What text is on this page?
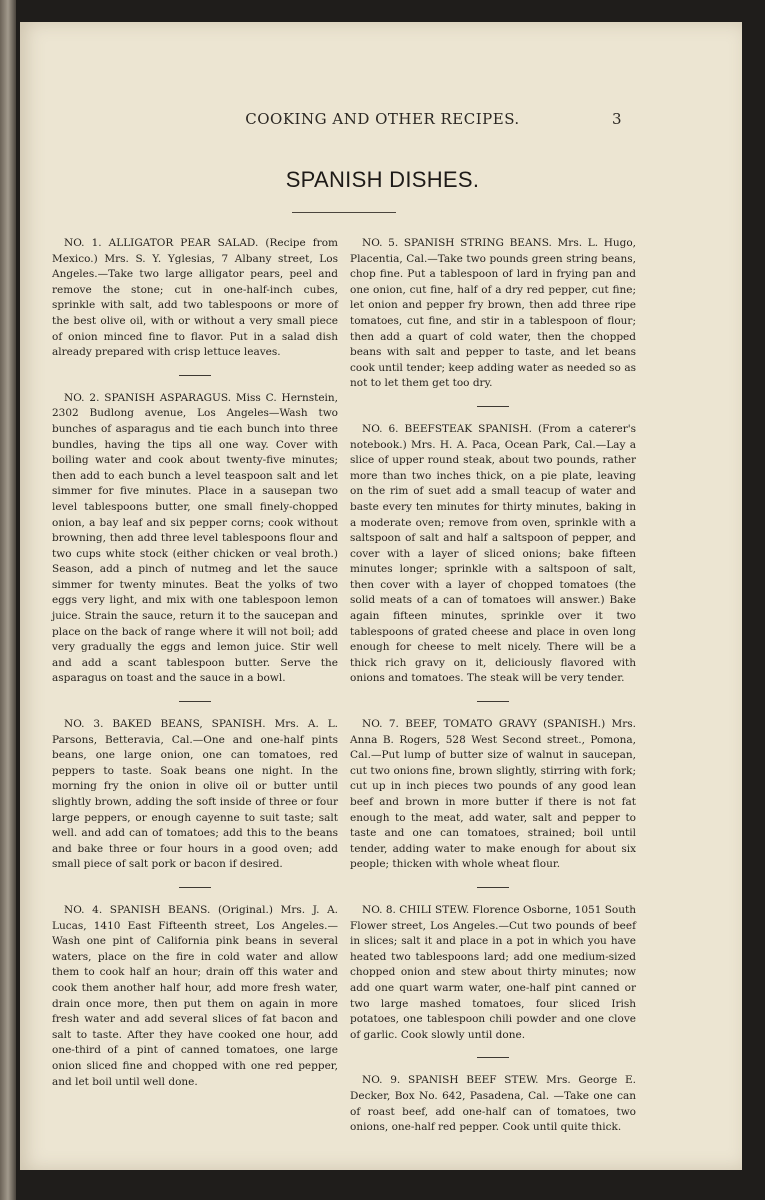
COOKING AND OTHER RECIPES.	3
SPANISH DISHES.

NO. 1. ALLIGATOR PEAR SALAD. (Recipe from Mexico.) Mrs. S. Y. Yglesias, 7 Albany street, Los Angeles.—Take two large alligator pears, peel and remove the stone; cut in one-half-inch cubes, sprinkle with salt, add two tablespoons or more of the best olive oil, with or without a very small piece of onion minced fine to flavor. Put in a salad dish already prepared with crisp lettuce leaves.

NO. 2. SPANISH ASPARAGUS. Miss C. Hernstein, 2302 Budlong avenue, Los Angeles—Wash two bunches of asparagus and tie each bunch into three bundles, having the tips all one way. Cover with boiling water and cook about twenty-five minutes; then add to each bunch a level teaspoon salt and let simmer for five minutes. Place in a sausepan two level tablespoons butter, one small finely-chopped onion, a bay leaf and six pepper corns; cook without browning, then add three level tablespoons flour and two cups white stock (either chicken or veal broth.) Season, add a pinch of nutmeg and let the sauce simmer for twenty minutes. Beat the yolks of two eggs very light, and mix with one tablespoon lemon juice. Strain the sauce, return it to the saucepan and place on the back of range where it will not boil; add very gradually the eggs and lemon juice. Stir well and add a scant tablespoon butter. Serve the asparagus on toast and the sauce in a bowl.

NO. 3. BAKED BEANS, SPANISH. Mrs. A. L. Parsons, Betteravia, Cal.—One and one-half pints beans, one large onion, one can tomatoes, red peppers to taste. Soak beans one night. In the morning fry the onion in olive oil or butter until slightly brown, adding the soft inside of three or four large peppers, or enough cayenne to suit taste; salt well. and add can of tomatoes; add this to the beans and bake three or four hours in a good oven; add small piece of salt pork or bacon if desired.

NO. 4. SPANISH BEANS. (Original.) Mrs. J. A. Lucas, 1410 East Fifteenth street, Los Angeles.—Wash one pint of California pink beans in several waters, place on the fire in cold water and allow them to cook half an hour; drain off this water and cook them another half hour, add more fresh water, drain once more, then put them on again in more fresh water and add several slices of fat bacon and salt to taste. After they have cooked one hour, add one-third of a pint of canned tomatoes, one large onion sliced fine and chopped with one red pepper, and let boil until well done.

NO. 5. SPANISH STRING BEANS. Mrs. L. Hugo, Placentia, Cal.—Take two pounds green string beans, chop fine. Put a tablespoon of lard in frying pan and one onion, cut fine, half of a dry red pepper, cut fine; let onion and pepper fry brown, then add three ripe tomatoes, cut fine, and stir in a tablespoon of flour; then add a quart of cold water, then the chopped beans with salt and pepper to taste, and let beans cook until tender; keep adding water as needed so as not to let them get too dry.

NO. 6. BEEFSTEAK SPANISH. (From a caterer's notebook.) Mrs. H. A. Paca, Ocean Park, Cal.—Lay a slice of upper round steak, about two pounds, rather more than two inches thick, on a pie plate, leaving on the rim of suet add a small teacup of water and baste every ten minutes for thirty minutes, baking in a moderate oven; remove from oven, sprinkle with a saltspoon of salt and half a saltspoon of pepper, and cover with a layer of sliced onions; bake fifteen minutes longer; sprinkle with a saltspoon of salt, then cover with a layer of chopped tomatoes (the solid meats of a can of tomatoes will answer.) Bake again fifteen minutes, sprinkle over it two tablespoons of grated cheese and place in oven long enough for cheese to melt nicely. There will be a thick rich gravy on it, deliciously flavored with onions and tomatoes. The steak will be very tender.

NO. 7. BEEF, TOMATO GRAVY (SPANISH.) Mrs. Anna B. Rogers, 528 West Second street., Pomona, Cal.—Put lump of butter size of walnut in saucepan, cut two onions fine, brown slightly, stirring with fork; cut up in inch pieces two pounds of any good lean beef and brown in more butter if there is not fat enough to the meat, add water, salt and pepper to taste and one can tomatoes, strained; boil until tender, adding water to make enough for about six people; thicken with whole wheat flour.

NO. 8. CHILI STEW. Florence Osborne, 1051 South Flower street, Los Angeles.—Cut two pounds of beef in slices; salt it and place in a pot in which you have heated two tablespoons lard; add one medium-sized chopped onion and stew about thirty minutes; now add one quart warm water, one-half pint canned or two large mashed tomatoes, four sliced Irish potatoes, one tablespoon chili powder and one clove of garlic. Cook slowly until done.

NO. 9. SPANISH BEEF STEW. Mrs. George E. Decker, Box No. 642, Pasadena, Cal. —Take one can of roast beef, add one-half can of tomatoes, two onions, one-half red pepper. Cook until quite thick.
